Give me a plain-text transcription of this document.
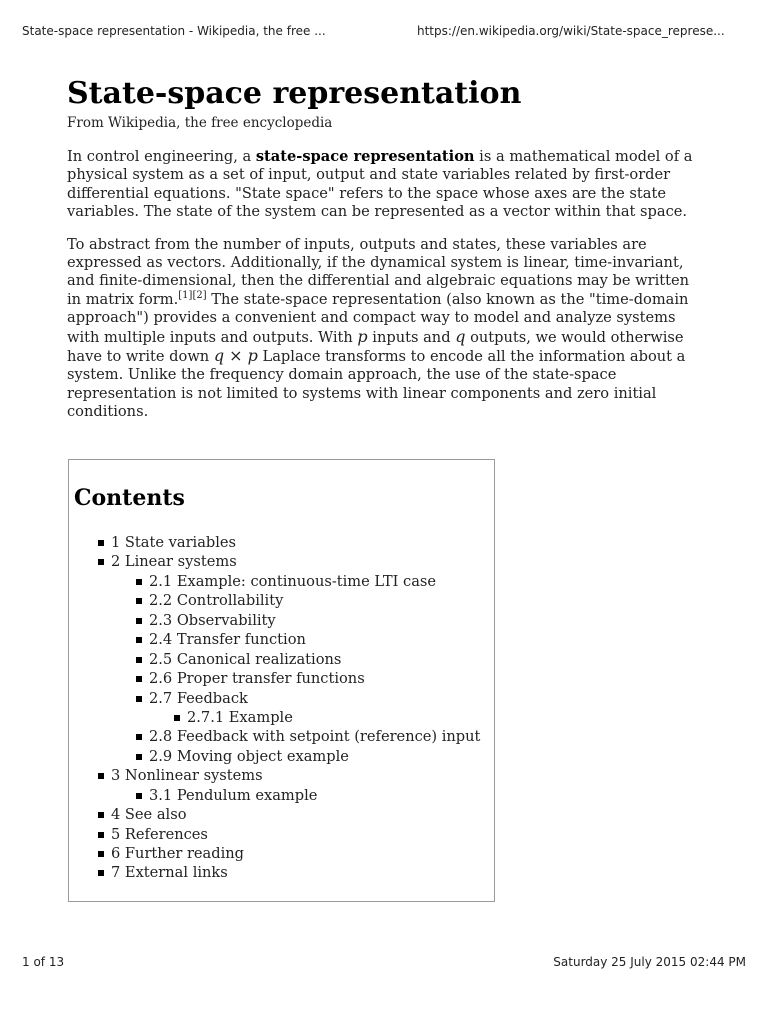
State-space representation - Wikipedia, the free ...	https://en.wikipedia.org/wiki/State-space_represe...
State-space representation
From Wikipedia, the free encyclopedia

In control engineering, a state-space representation is a mathematical model of a physical system as a set of input, output and state variables related by first-order differential equations. "State space" refers to the space whose axes are the state variables. The state of the system can be represented as a vector within that space.

To abstract from the number of inputs, outputs and states, these variables are expressed as vectors. Additionally, if the dynamical system is linear, time-invariant, and finite-dimensional, then the differential and algebraic equations may be written in matrix form.[1][2] The state-space representation (also known as the "time-domain approach") provides a convenient and compact way to model and analyze systems with multiple inputs and outputs. With p inputs and q outputs, we would otherwise have to write down q × p Laplace transforms to encode all the information about a system. Unlike the frequency domain approach, the use of the state-space representation is not limited to systems with linear components and zero initial conditions.

Contents
1 State variables
2 Linear systems
2.1 Example: continuous-time LTI case
2.2 Controllability
2.3 Observability
2.4 Transfer function
2.5 Canonical realizations
2.6 Proper transfer functions
2.7 Feedback
2.7.1 Example
2.8 Feedback with setpoint (reference) input
2.9 Moving object example
3 Nonlinear systems
3.1 Pendulum example
4 See also
5 References
6 Further reading
7 External links
1 of 13	Saturday 25 July 2015 02:44 PM
